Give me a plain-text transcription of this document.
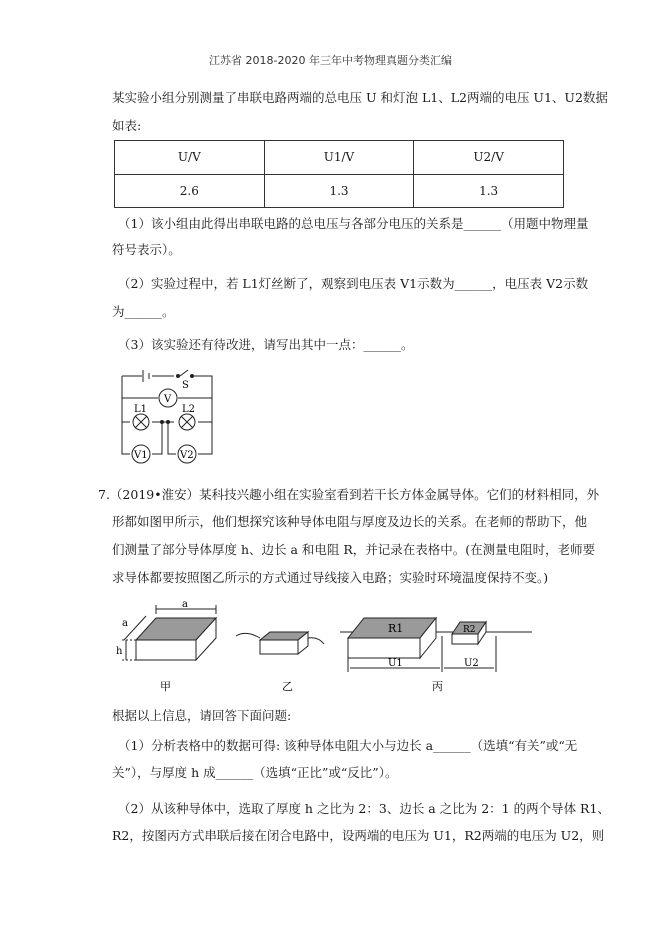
江苏省 2018-2020 年三年中考物理真题分类汇编
某实验小组分别测量了串联电路两端的总电压 U 和灯泡 L1、L2两端的电压 U1、U2数据
如表:
U/V	U1/V	U2/V
2.6	1.3	1.3
（1）该小组由此得出串联电路的总电压与各部分电压的关系是______（用题中物理量
符号表示）。
（2）实验过程中，若 L1灯丝断了，观察到电压表 V1示数为______，电压表 V2示数
为______。
（3）该实验还有待改进，请写出其中一点：______。
S
V
L1	L2
V1	V2
7.（2019•淮安）某科技兴趣小组在实验室看到若干长方体金属导体。它们的材料相同，外
形都如图甲所示，他们想探究该种导体电阻与厚度及边长的关系。在老师的帮助下，他
们测量了部分导体厚度 h、边长 a 和电阻 R，并记录在表格中。(在测量电阻时，老师要
求导体都要按照图乙所示的方式通过导线接入电路；实验时环境温度保持不变。)
a
a
h
甲	乙
R1	R2
U1	U2
丙
根据以上信息，请回答下面问题:
（1）分析表格中的数据可得: 该种导体电阻大小与边长 a______（选填“有关”或“无
关”），与厚度 h 成______（选填“正比”或“反比”）。
（2）从该种导体中，选取了厚度 h 之比为 2：3、边长 a 之比为 2：1 的两个导体 R1、
R2，按图丙方式串联后接在闭合电路中，设两端的电压为 U1，R2两端的电压为 U2，则
